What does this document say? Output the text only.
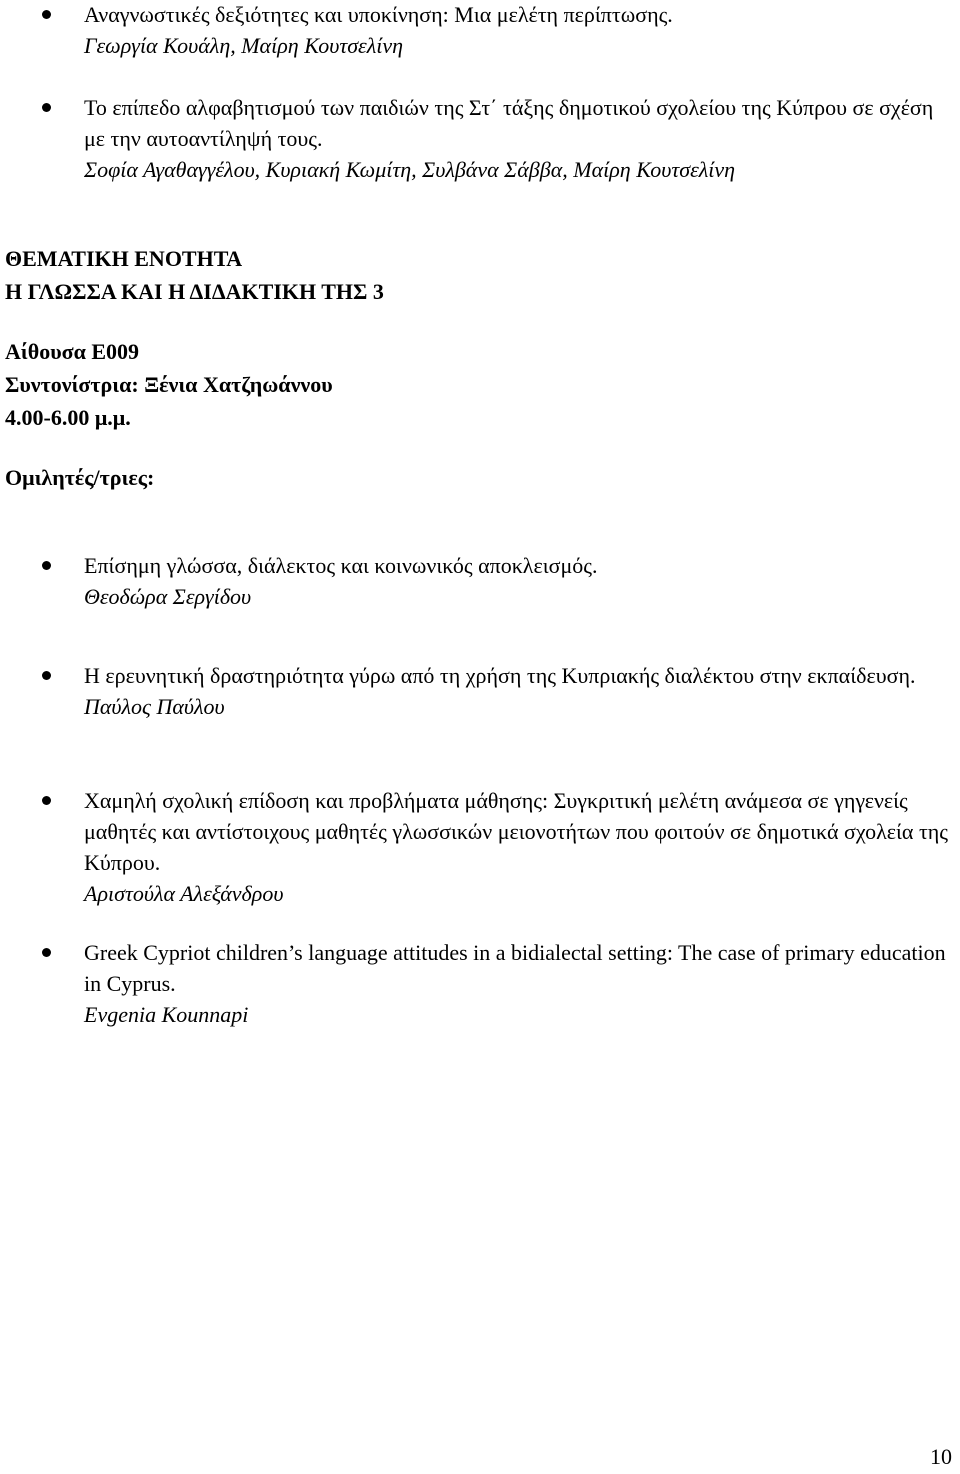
Αναγνωστικές δεξιότητες και υποκίνηση: Μια μελέτη περίπτωσης.
Γεωργία Κουάλη, Μαίρη Κουτσελίνη
Το επίπεδο αλφαβητισμού των παιδιών της Στ΄ τάξης δημοτικού σχολείου της Κύπρου σε σχέση με την αυτοαντίληψή τους.
Σοφία Αγαθαγγέλου, Κυριακή Κωμίτη, Συλβάνα Σάββα, Μαίρη Κουτσελίνη
ΘΕΜΑΤΙΚΗ ΕΝΟΤΗΤΑ
Η ΓΛΩΣΣΑ ΚΑΙ Η ΔΙΔΑΚΤΙΚΗ ΤΗΣ 3
Αίθουσα Ε009
Συντονίστρια: Ξένια Χατζηωάννου
4.00-6.00 μ.μ.
Ομιλητές/τριες:
Επίσημη γλώσσα, διάλεκτος και κοινωνικός αποκλεισμός.
Θεοδώρα Σεργίδου
Η ερευνητική δραστηριότητα γύρω από τη χρήση της Κυπριακής διαλέκτου στην εκπαίδευση.
Παύλος Παύλου
Χαμηλή σχολική επίδοση και προβλήματα μάθησης: Συγκριτική μελέτη ανάμεσα σε γηγενείς μαθητές και αντίστοιχους μαθητές γλωσσικών μειονοτήτων που φοιτούν σε δημοτικά σχολεία της Κύπρου.
Αριστούλα Αλεξάνδρου
Greek Cypriot children’s language attitudes in a bidialectal setting: The case of primary education in Cyprus.
Evgenia Kounnapi
10
